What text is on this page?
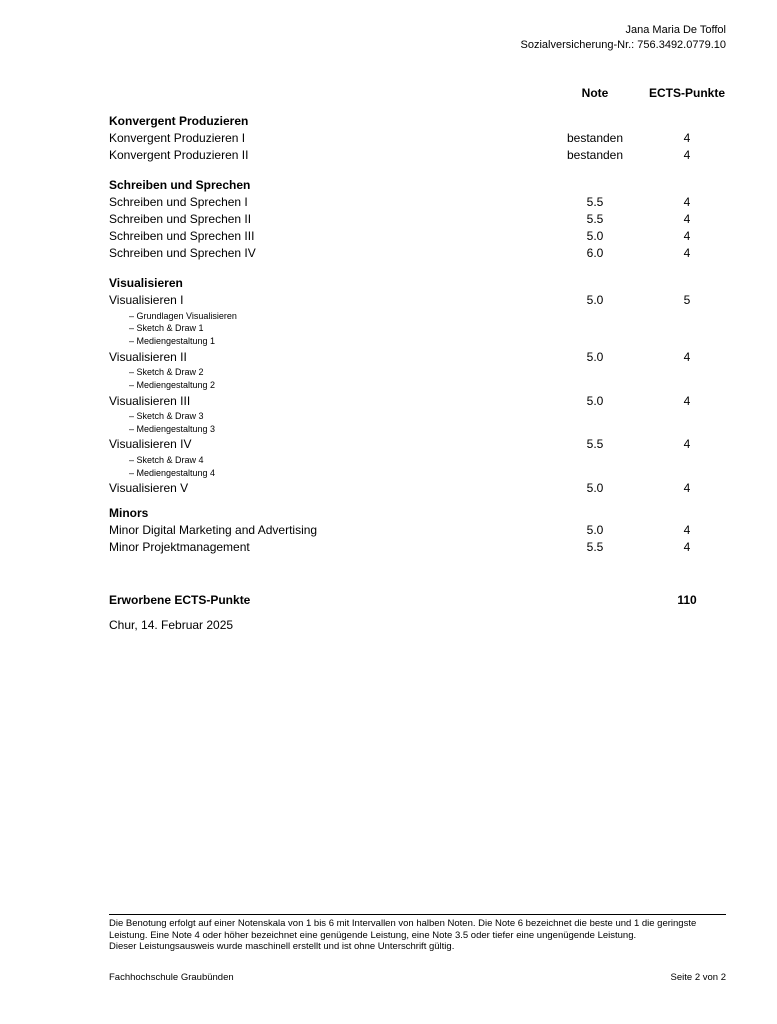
Jana Maria De Toffol
Sozialversicherung-Nr.: 756.3492.0779.10
Note	ECTS-Punkte
Konvergent Produzieren
Konvergent Produzieren I	bestanden	4
Konvergent Produzieren II	bestanden	4
Schreiben und Sprechen
Schreiben und Sprechen I	5.5	4
Schreiben und Sprechen II	5.5	4
Schreiben und Sprechen III	5.0	4
Schreiben und Sprechen IV	6.0	4
Visualisieren
Visualisieren I	5.0	5
– Grundlagen Visualisieren
– Sketch & Draw 1
– Mediengestaltung 1
Visualisieren II	5.0	4
– Sketch & Draw 2
– Mediengestaltung 2
Visualisieren III	5.0	4
– Sketch & Draw 3
– Mediengestaltung 3
Visualisieren IV	5.5	4
– Sketch & Draw 4
– Mediengestaltung 4
Visualisieren V	5.0	4
Minors
Minor Digital Marketing and Advertising	5.0	4
Minor Projektmanagement	5.5	4
Erworbene ECTS-Punkte	110
Chur, 14. Februar 2025

Die Benotung erfolgt auf einer Notenskala von 1 bis 6 mit Intervallen von halben Noten. Die Note 6 bezeichnet die beste und 1 die geringste Leistung. Eine Note 4 oder höher bezeichnet eine genügende Leistung, eine Note 3.5 oder tiefer eine ungenügende Leistung.

Dieser Leistungsausweis wurde maschinell erstellt und ist ohne Unterschrift gültig.

Fachhochschule Graubünden	Seite 2 von 2
